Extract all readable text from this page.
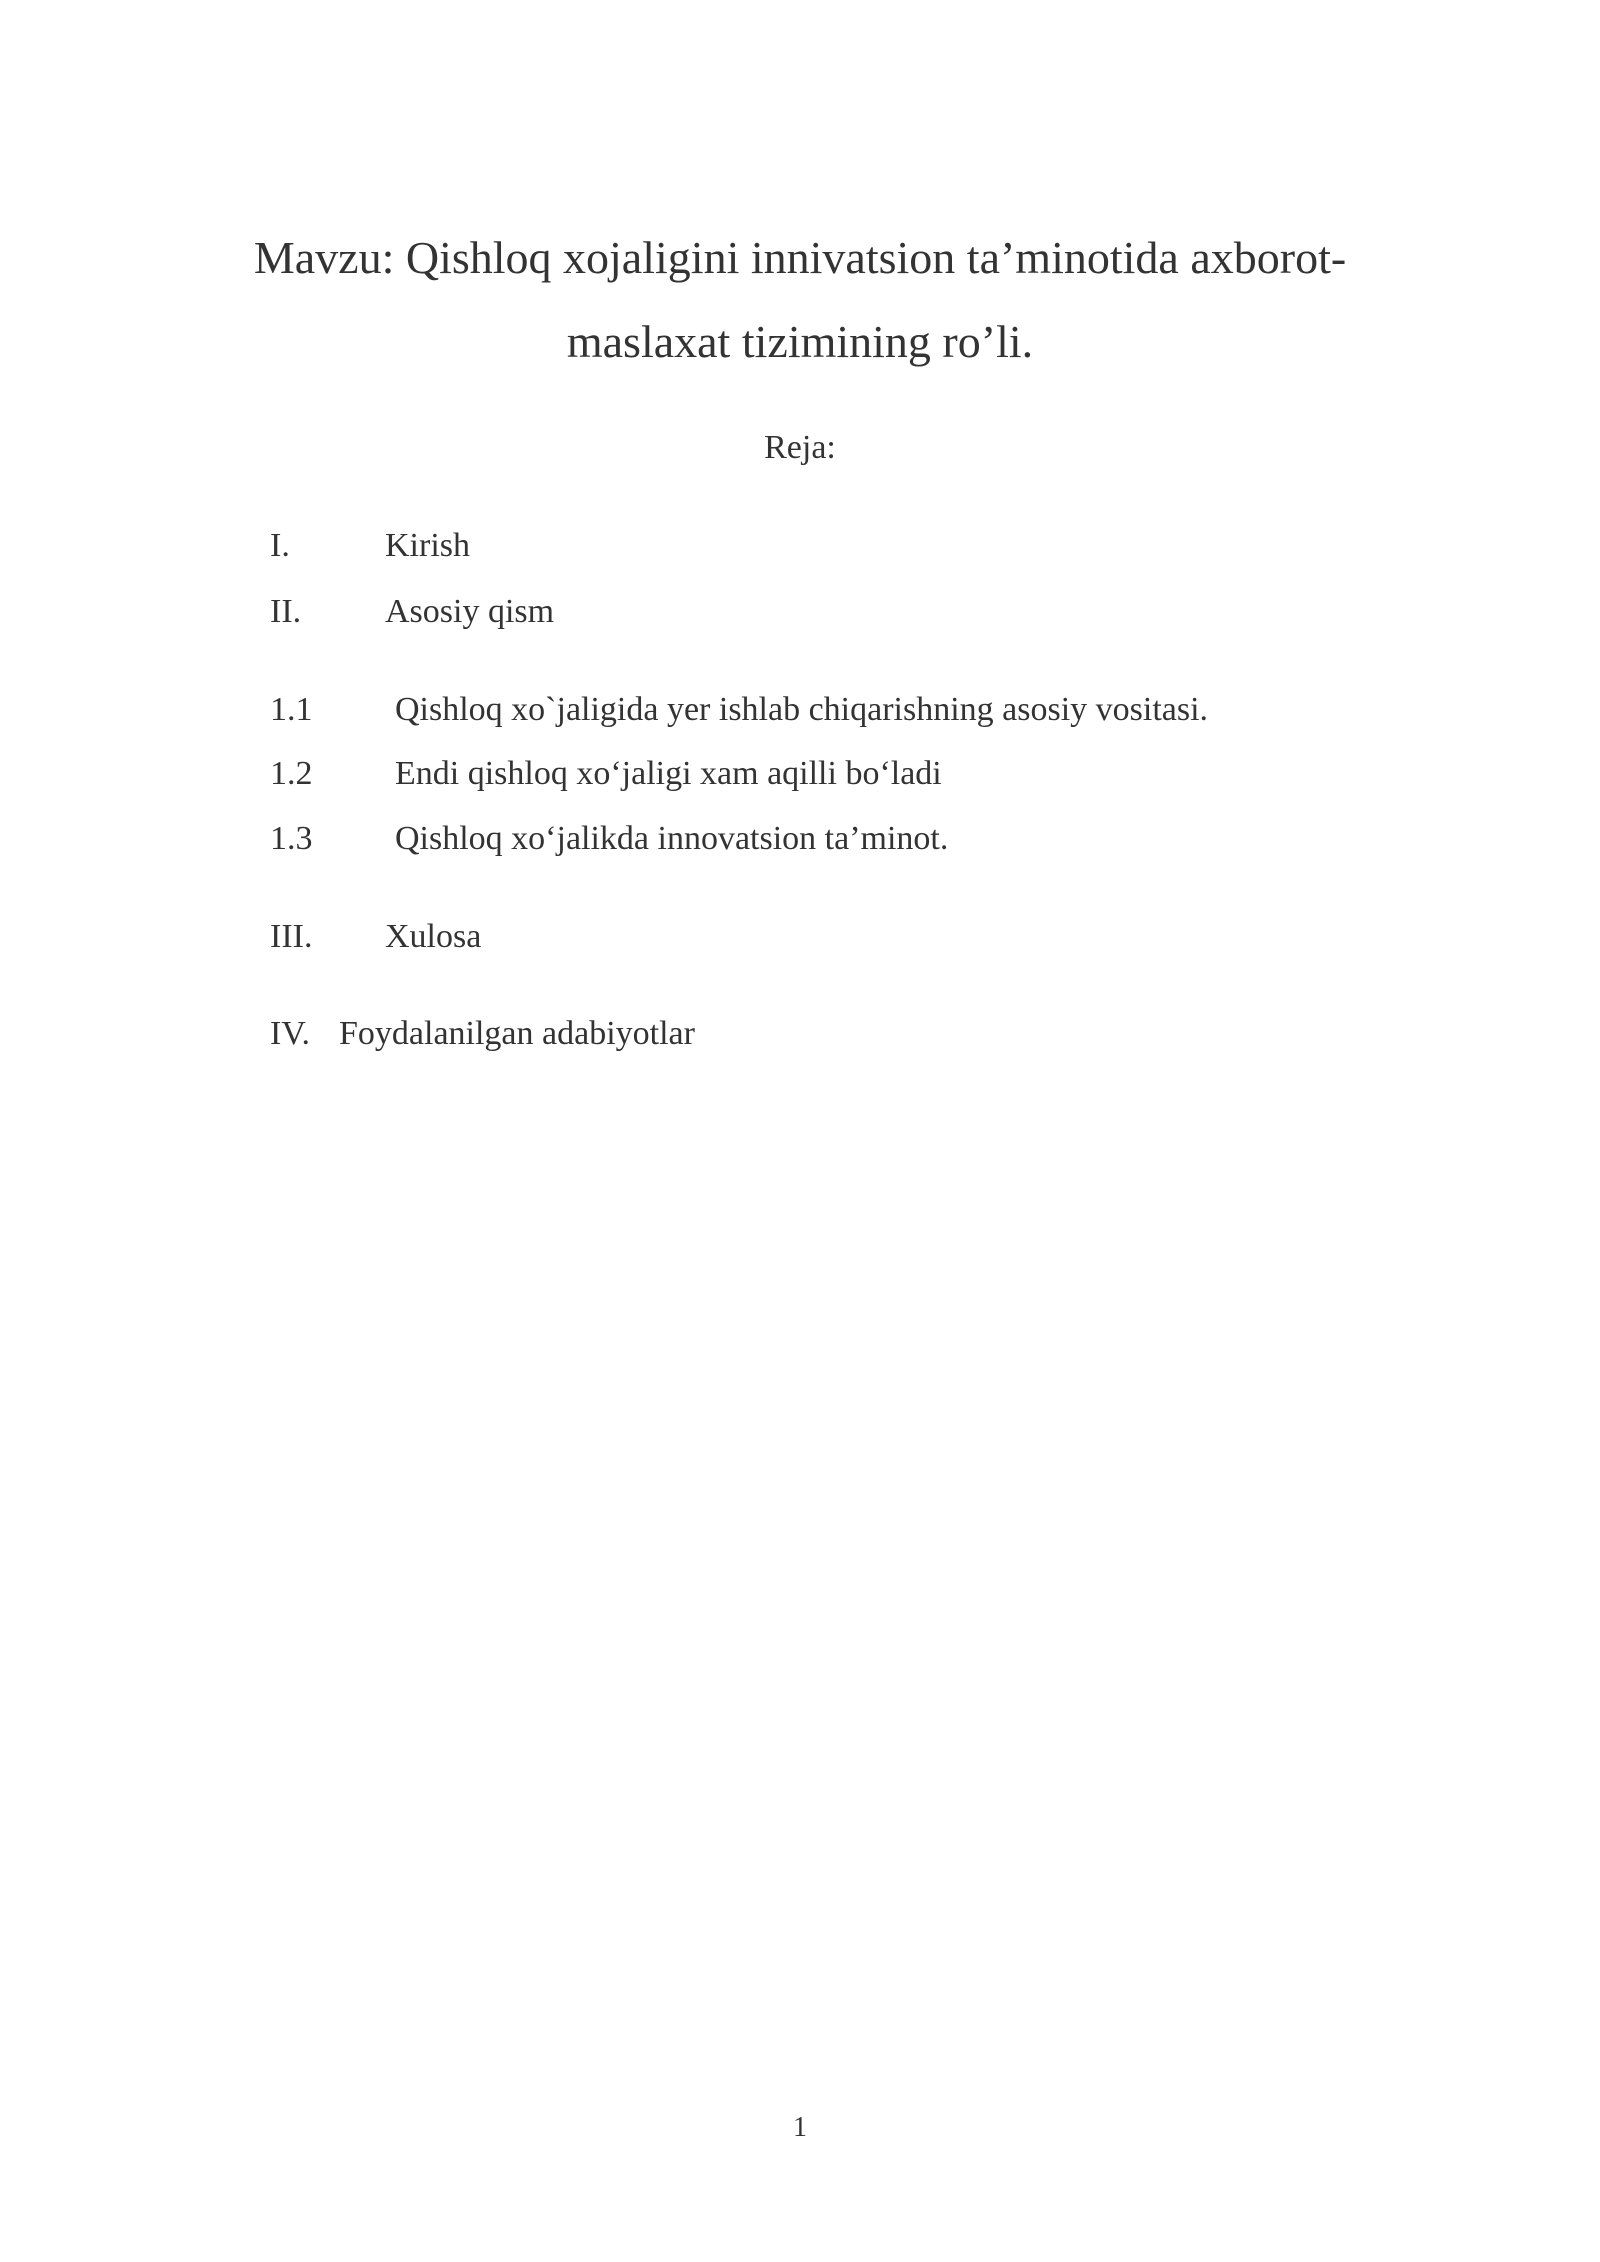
Mavzu: Qishloq xojaligini innivatsion ta’minotida axborot-
maslaxat tizimining ro’li.
Reja:
I.	Kirish
II. Asosiy qism
1.1 Qishloq xo`jaligida yer ishlab chiqarishning asosiy vositasi.
1.2 Endi qishloq xo‘jaligi xam aqilli bo‘ladi
1.3 Qishloq xo‘jalikda innovatsion ta’minot.
III. Xulosa
IV. Foydalanilgan adabiyotlar
1
